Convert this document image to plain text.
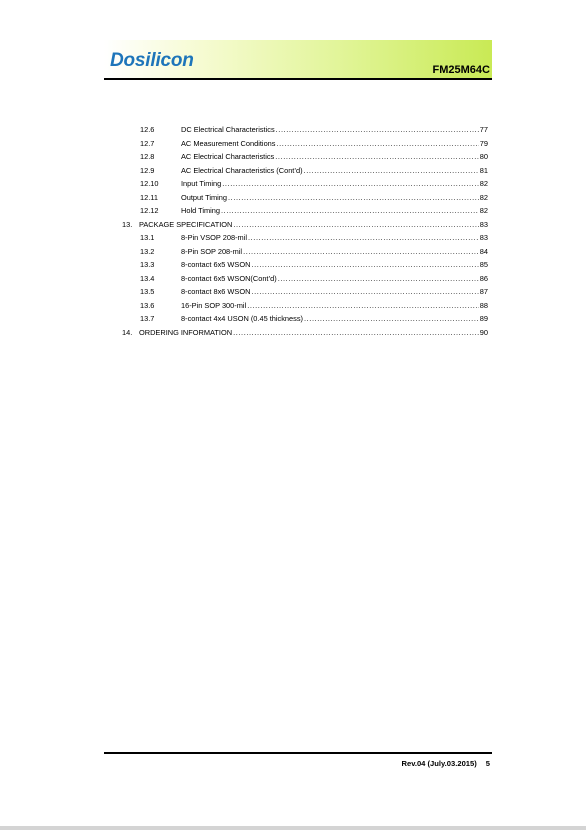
Dosilicon	FM25M64C
12.6	DC Electrical Characteristics .....	77
12.7	AC Measurement Conditions .....	79
12.8	AC Electrical Characteristics .....	80
12.9	AC Electrical Characteristics (Cont’d) .....	81
12.10	Input Timing .....	82
12.11	Output Timing .....	82
12.12	Hold Timing .....	82
13. PACKAGE SPECIFICATION .....	83
13.1	8-Pin VSOP 208-mil .....	83
13.2	8-Pin SOP 208-mil .....	84
13.3	8-contact 6x5 WSON .....	85
13.4	8-contact 6x5 WSON(Cont’d) .....	86
13.5	8-contact 8x6 WSON .....	87
13.6	16-Pin SOP 300-mil .....	88
13.7	8-contact 4x4 USON (0.45 thickness) .....	89
14. ORDERING INFORMATION .....	90
Rev.04 (July.03.2015) 5
